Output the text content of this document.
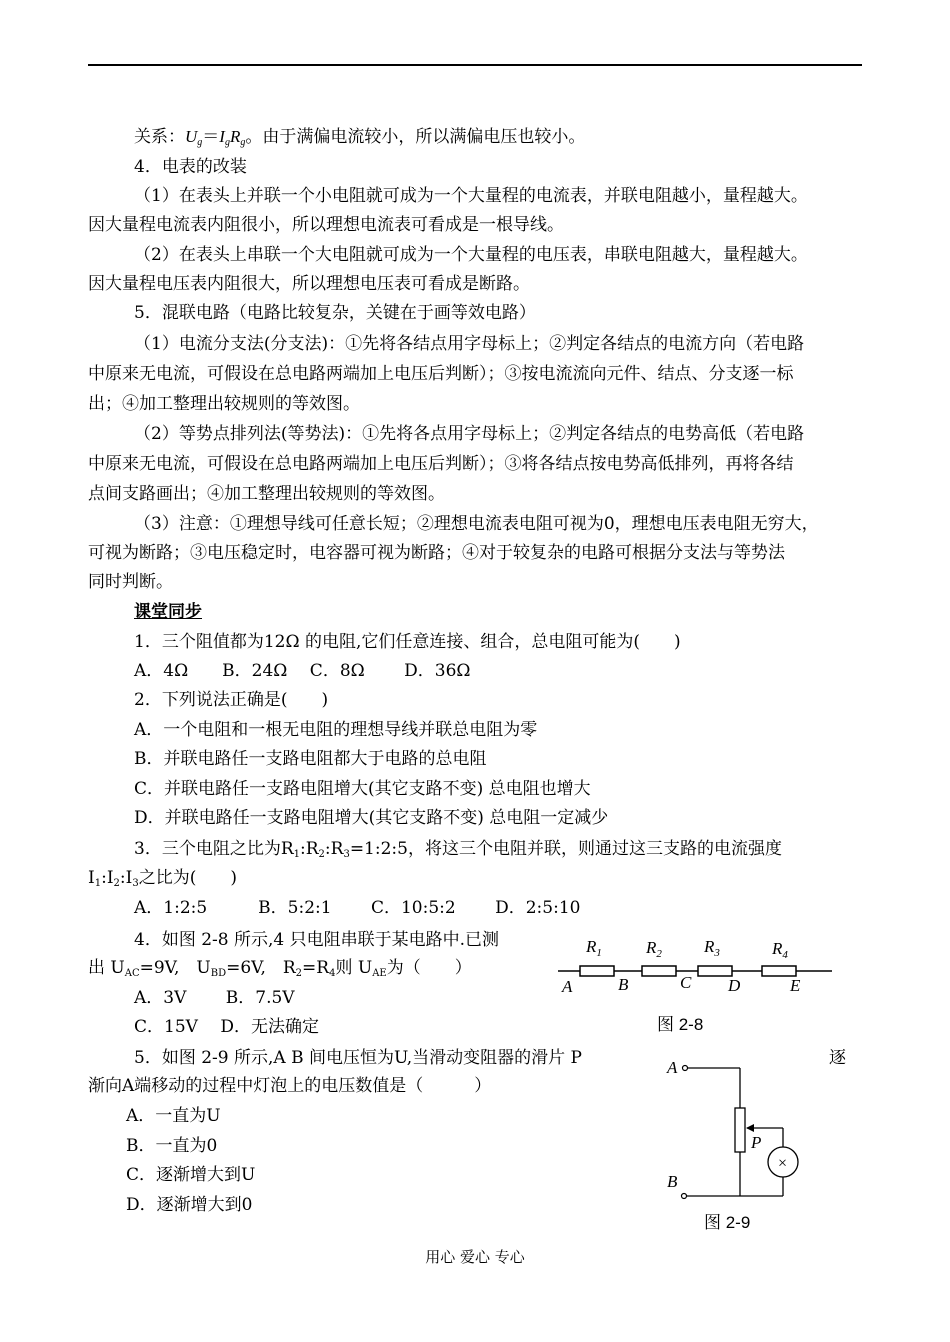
关系：$U_g=I_gR_g$。由于满偏电流较小，所以满偏电压也较小。
4．电表的改装
（1）在表头上并联一个小电阻就可成为一个大量程的电流表，并联电阻越小，量程越大。
因大量程电流表内阻很小，所以理想电流表可看成是一根导线。
（2）在表头上串联一个大电阻就可成为一个大量程的电压表，串联电阻越大，量程越大。
因大量程电压表内阻很大，所以理想电压表可看成是断路。
5．混联电路（电路比较复杂，关键在于画等效电路）
（1）电流分支法(分支法)：①先将各结点用字母标上；②判定各结点的电流方向（若电路
中原来无电流，可假设在总电路两端加上电压后判断）；③按电流流向元件、结点、分支逐一标
出；④加工整理出较规则的等效图。
（2）等势点排列法(等势法)：①先将各点用字母标上；②判定各结点的电势高低（若电路
中原来无电流，可假设在总电路两端加上电压后判断）；③将各结点按电势高低排列，再将各结
点间支路画出；④加工整理出较规则的等效图。
（3）注意：①理想导线可任意长短；②理想电流表电阻可视为0，理想电压表电阻无穷大，
可视为断路；③电压稳定时，电容器可视为断路；④对于较复杂的电路可根据分支法与等势法
同时判断。
课堂同步
1．三个阻值都为12Ω 的电阻,它们任意连接、组合，总电阻可能为(　　)
A．4Ω　　B．24Ω　 C．8Ω　　 D．36Ω
2．下列说法正确是(　　)
A．一个电阻和一根无电阻的理想导线并联总电阻为零
B．并联电路任一支路电阻都大于电路的总电阻
C．并联电路任一支路电阻增大(其它支路不变) 总电阻也增大
D．并联电路任一支路电阻增大(其它支路不变) 总电阻一定减少
3．三个电阻之比为$R_1:R_2:R_3=1:2:5$，将这三个电阻并联，则通过这三支路的电流强度
$I_1:I_2:I_3$之比为(　　)
A．1:2:5　　　B．5:2:1　　 C．10:5:2　　 D．2:5:10
4．如图 2-8 所示,4 只电阻串联于某电路中.已测
出 $U_{AC}=9V$,　$U_{BD}=6V$,　$R_2=R_4$则 $U_{AE}$为（　　）
A．3V　　 B．7.5V
C．15V　 D．无法确定
$R_1$	$R_2$ $R_3$	$R_4$
A	B	C D	E
图 2-8
5．如图 2-9 所示,A B 间电压恒为U,当滑动变阻器的滑片 P	逐
渐向A端移动的过程中灯泡上的电压数值是（　　　）
A．一直为U
B．一直为0
C．逐渐增大到U
D．逐渐增大到0
A
B
P
×
图 2-9
用心 爱心 专心
